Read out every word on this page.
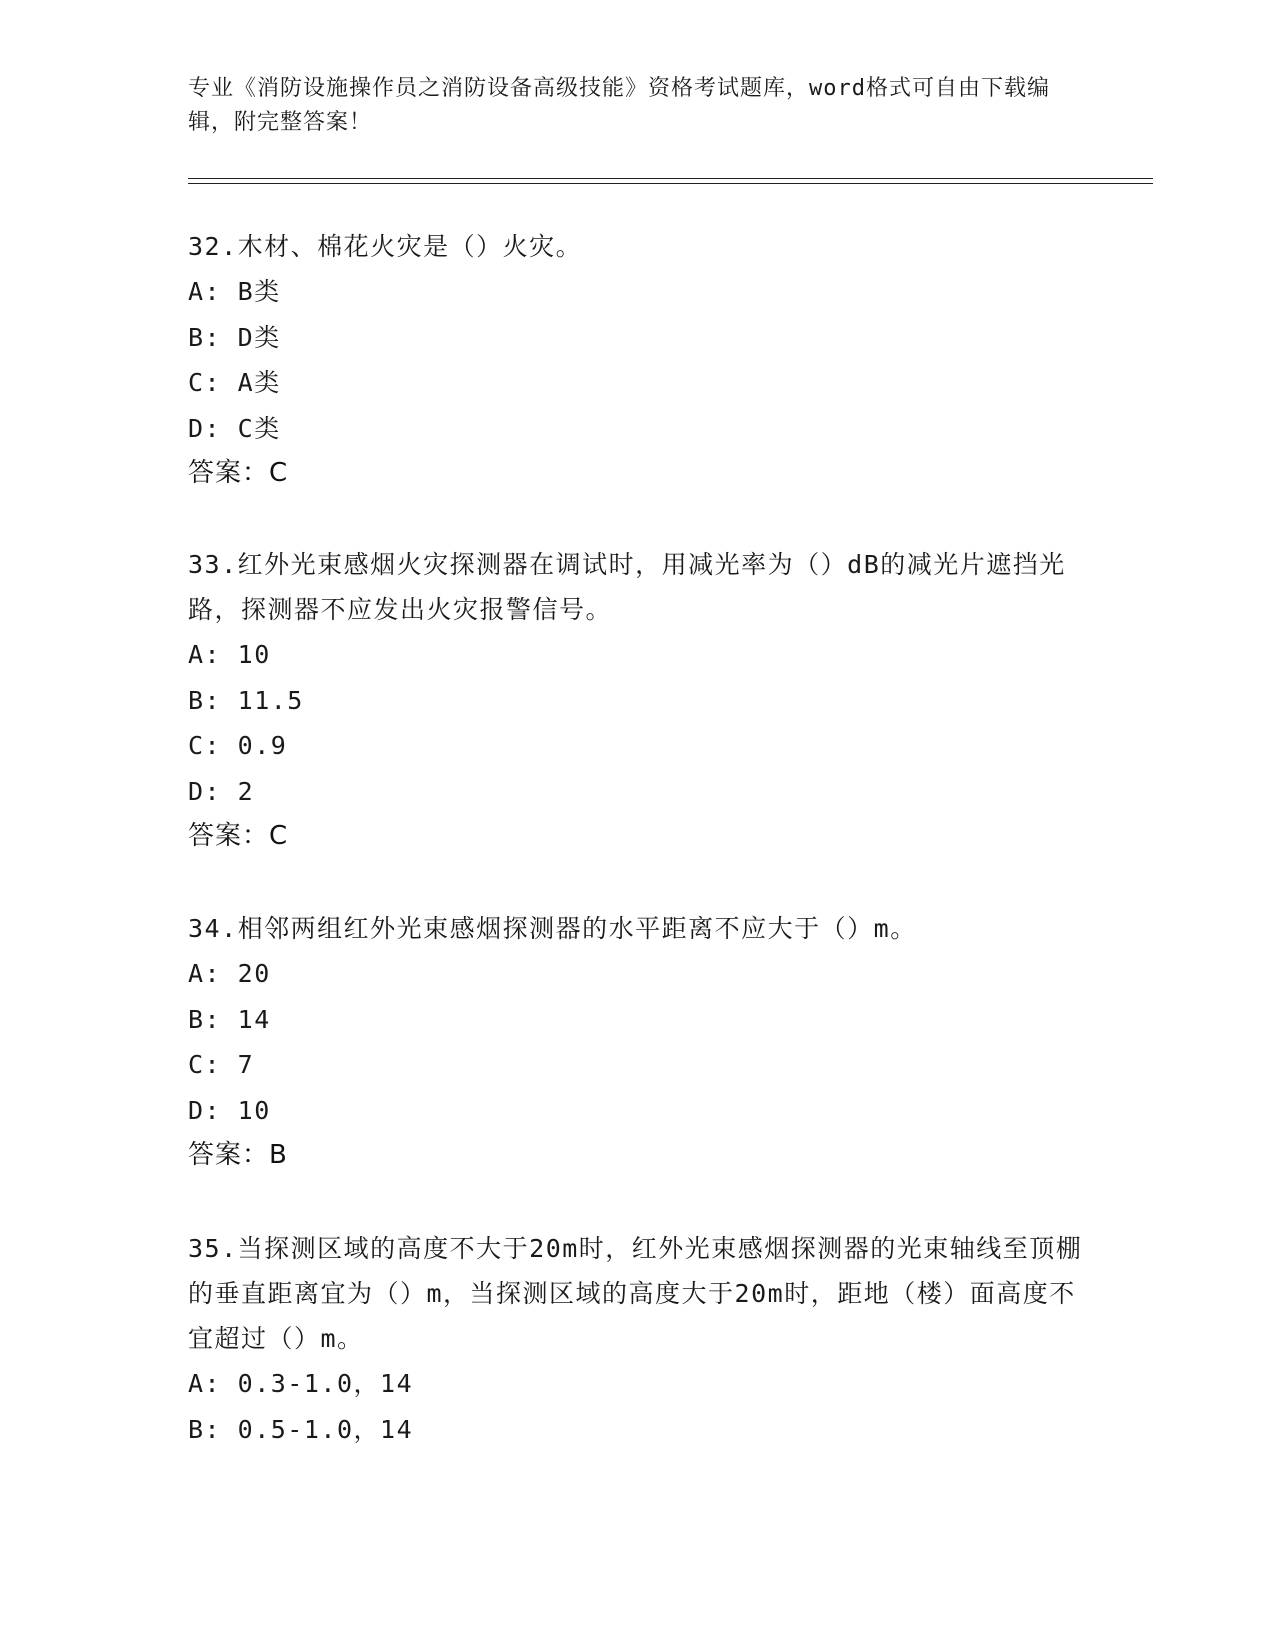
专业《消防设施操作员之消防设备高级技能》资格考试题库，word格式可自由下载编辑，附完整答案！

32.木材、棉花火灾是（）火灾。

A: B类

B: D类

C: A类

D: C类

答案：C

33.红外光束感烟火灾探测器在调试时，用减光率为（）dB的减光片遮挡光路，探测器不应发出火灾报警信号。

A: 10

B: 11.5

C: 0.9

D: 2

答案：C

34.相邻两组红外光束感烟探测器的水平距离不应大于（）m。

A: 20

B: 14

C: 7

D: 10

答案：B

35.当探测区域的高度不大于20m时，红外光束感烟探测器的光束轴线至顶棚的垂直距离宜为（）m，当探测区域的高度大于20m时，距地（楼）面高度不宜超过（）m。

A: 0.3-1.0，14

B: 0.5-1.0，14
